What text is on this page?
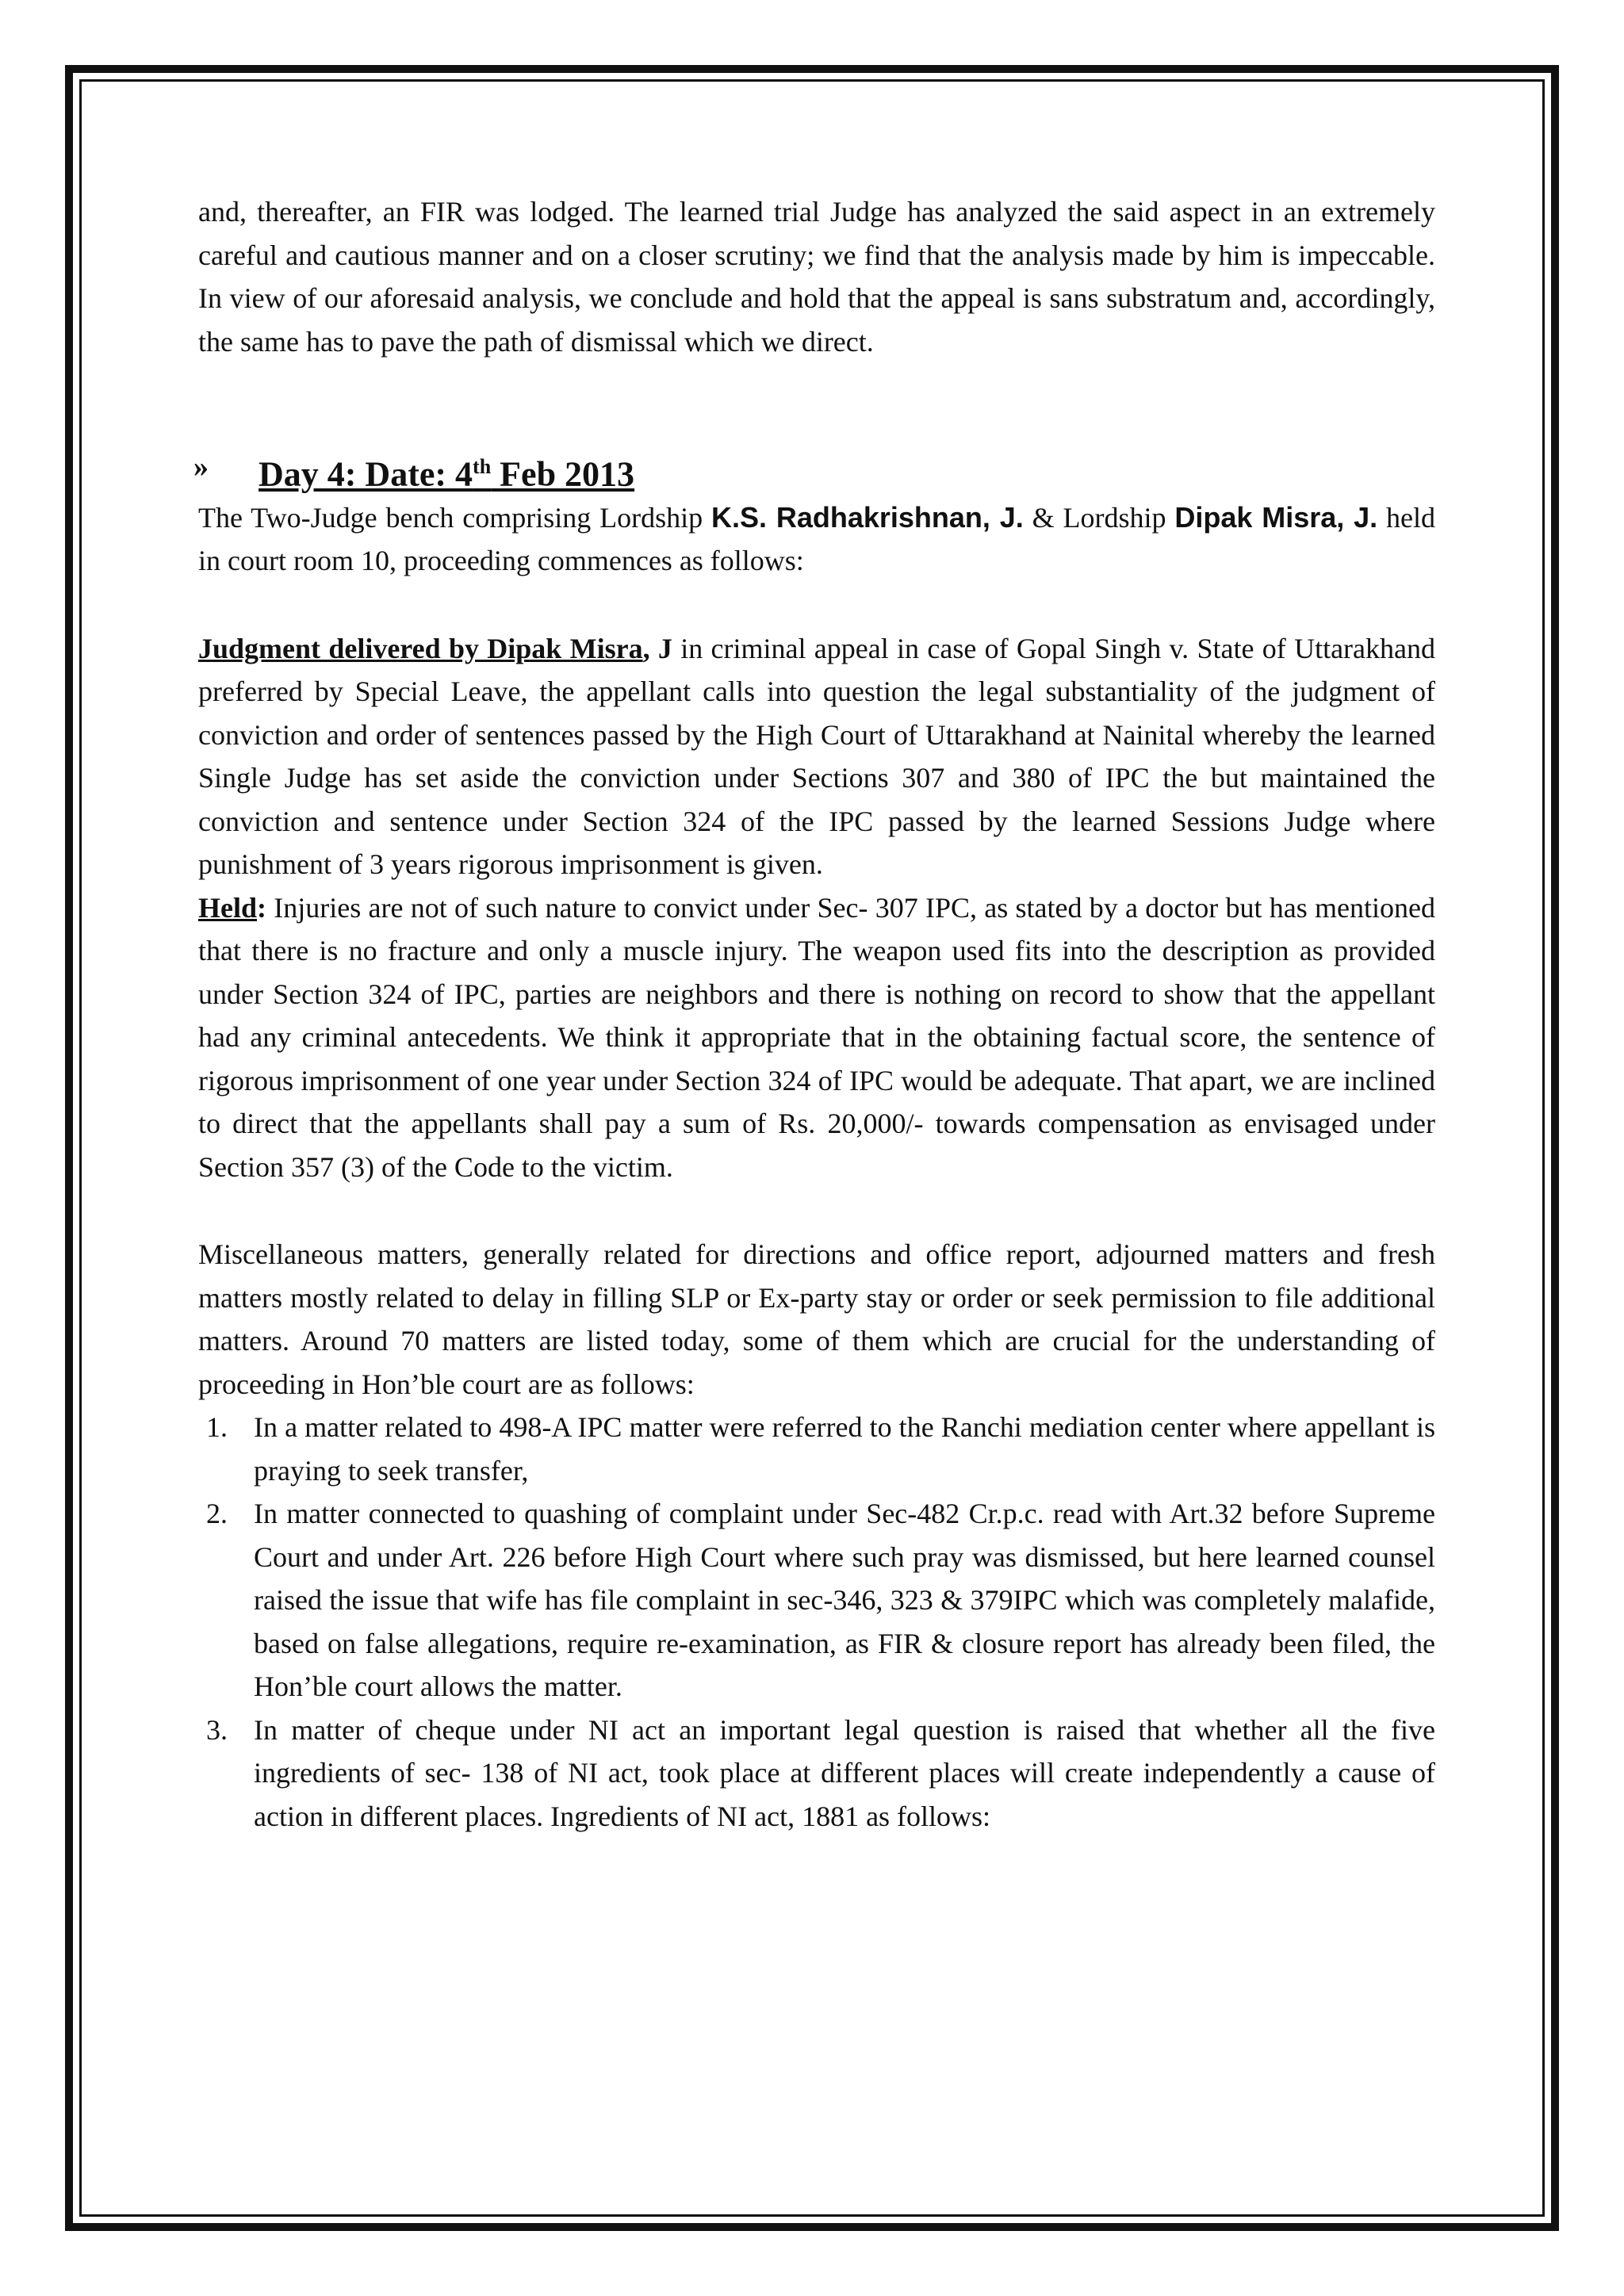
and, thereafter, an FIR was lodged. The learned trial Judge has analyzed the said aspect in an extremely careful and cautious manner and on a closer scrutiny; we find that the analysis made by him is impeccable. In view of our aforesaid analysis, we conclude and hold that the appeal is sans substratum and, accordingly, the same has to pave the path of dismissal which we direct.

» Day 4: Date: 4th Feb 2013

The Two-Judge bench comprising Lordship K.S. Radhakrishnan, J. & Lordship Dipak Misra, J. held in court room 10, proceeding commences as follows:

Judgment delivered by Dipak Misra, J in criminal appeal in case of Gopal Singh v. State of Uttarakhand preferred by Special Leave, the appellant calls into question the legal substantiality of the judgment of conviction and order of sentences passed by the High Court of Uttarakhand at Nainital whereby the learned Single Judge has set aside the conviction under Sections 307 and 380 of IPC the but maintained the conviction and sentence under Section 324 of the IPC passed by the learned Sessions Judge where punishment of 3 years rigorous imprisonment is given.

Held: Injuries are not of such nature to convict under Sec- 307 IPC, as stated by a doctor but has mentioned that there is no fracture and only a muscle injury. The weapon used fits into the description as provided under Section 324 of IPC, parties are neighbors and there is nothing on record to show that the appellant had any criminal antecedents. We think it appropriate that in the obtaining factual score, the sentence of rigorous imprisonment of one year under Section 324 of IPC would be adequate. That apart, we are inclined to direct that the appellants shall pay a sum of Rs. 20,000/- towards compensation as envisaged under Section 357 (3) of the Code to the victim.

Miscellaneous matters, generally related for directions and office report, adjourned matters and fresh matters mostly related to delay in filling SLP or Ex-party stay or order or seek permission to file additional matters. Around 70 matters are listed today, some of them which are crucial for the understanding of proceeding in Hon’ble court are as follows:

1. In a matter related to 498-A IPC matter were referred to the Ranchi mediation center where appellant is praying to seek transfer,
2. In matter connected to quashing of complaint under Sec-482 Cr.p.c. read with Art.32 before Supreme Court and under Art. 226 before High Court where such pray was dismissed, but here learned counsel raised the issue that wife has file complaint in sec-346, 323 & 379IPC which was completely malafide, based on false allegations, require re-examination, as FIR & closure report has already been filed, the Hon’ble court allows the matter.
3. In matter of cheque under NI act an important legal question is raised that whether all the five ingredients of sec- 138 of NI act, took place at different places will create independently a cause of action in different places. Ingredients of NI act, 1881 as follows:
